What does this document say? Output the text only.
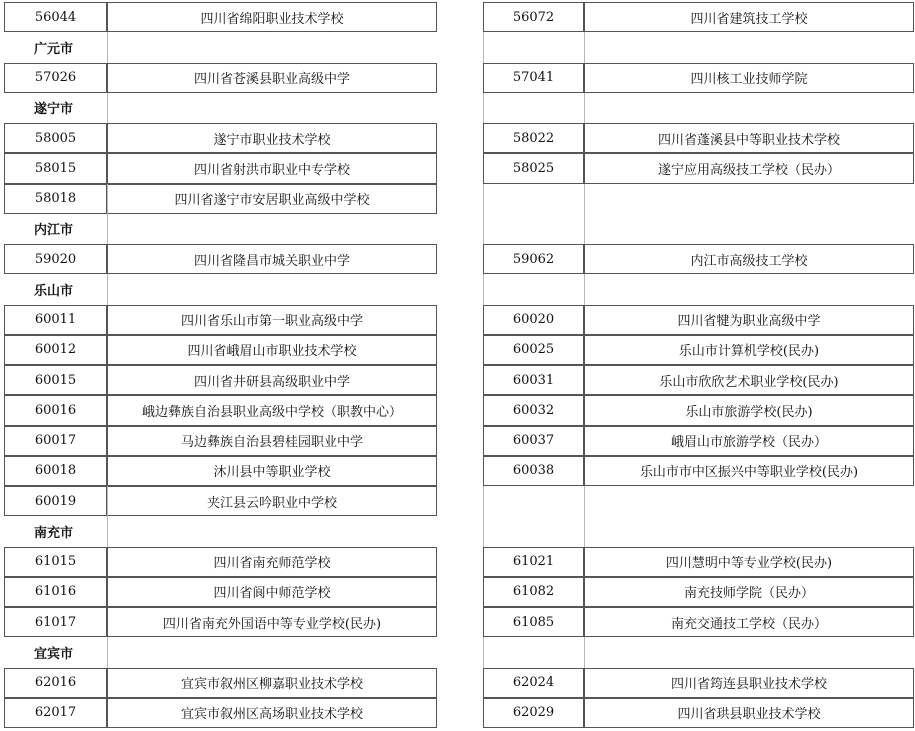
56044	四川省绵阳职业技术学校	56072	四川省建筑技工学校
广元市
57026	四川省苍溪县职业高级中学	57041	四川核工业技师学院
遂宁市
58005	遂宁市职业技术学校	58022	四川省蓬溪县中等职业技术学校
58015	四川省射洪市职业中专学校	58025	遂宁应用高级技工学校（民办）
58018	四川省遂宁市安居职业高级中学校
内江市
59020	四川省隆昌市城关职业中学	59062	内江市高级技工学校
乐山市
60011	四川省乐山市第一职业高级中学	60020	四川省犍为职业高级中学
60012	四川省峨眉山市职业技术学校	60025	乐山市计算机学校(民办)
60015	四川省井研县高级职业中学	60031	乐山市欣欣艺术职业学校(民办)
60016	峨边彝族自治县职业高级中学校（职教中心）	60032	乐山市旅游学校(民办)
60017	马边彝族自治县碧桂园职业中学	60037	峨眉山市旅游学校（民办）
60018	沐川县中等职业学校	60038	乐山市市中区振兴中等职业学校(民办)
60019	夹江县云吟职业中学校
南充市
61015	四川省南充师范学校	61021	四川慧明中等专业学校(民办)
61016	四川省阆中师范学校	61082	南充技师学院（民办）
61017	四川省南充外国语中等专业学校(民办)	61085	南充交通技工学校（民办）
宜宾市
62016	宜宾市叙州区柳嘉职业技术学校	62024	四川省筠连县职业技术学校
62017	宜宾市叙州区高场职业技术学校	62029	四川省珙县职业技术学校
